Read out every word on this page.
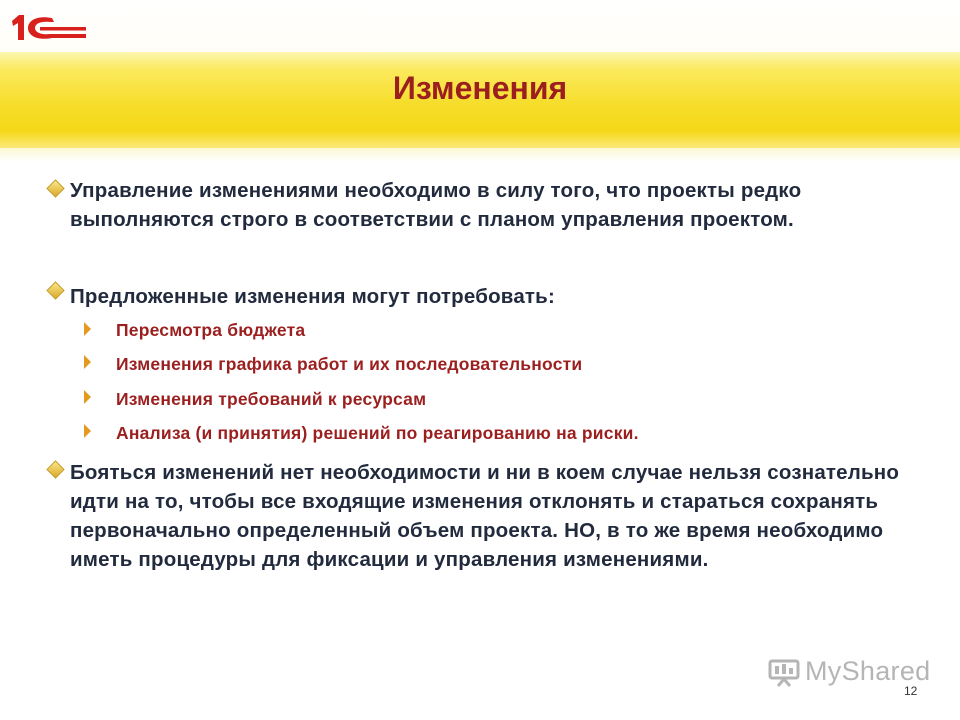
Изменения
Управление изменениями необходимо в силу того, что проекты редко выполняются строго в соответствии с планом управления проектом.
Предложенные изменения могут потребовать:
Пересмотра бюджета
Изменения графика работ и их последовательности
Изменения требований к ресурсам
Анализа (и принятия) решений по реагированию на риски.
Бояться изменений нет необходимости и ни в коем случае нельзя сознательно идти на то, чтобы все входящие изменения отклонять и стараться сохранять первоначально определенный объем проекта. НО, в то же время необходимо иметь процедуры для фиксации и управления изменениями.
MyShared
12
